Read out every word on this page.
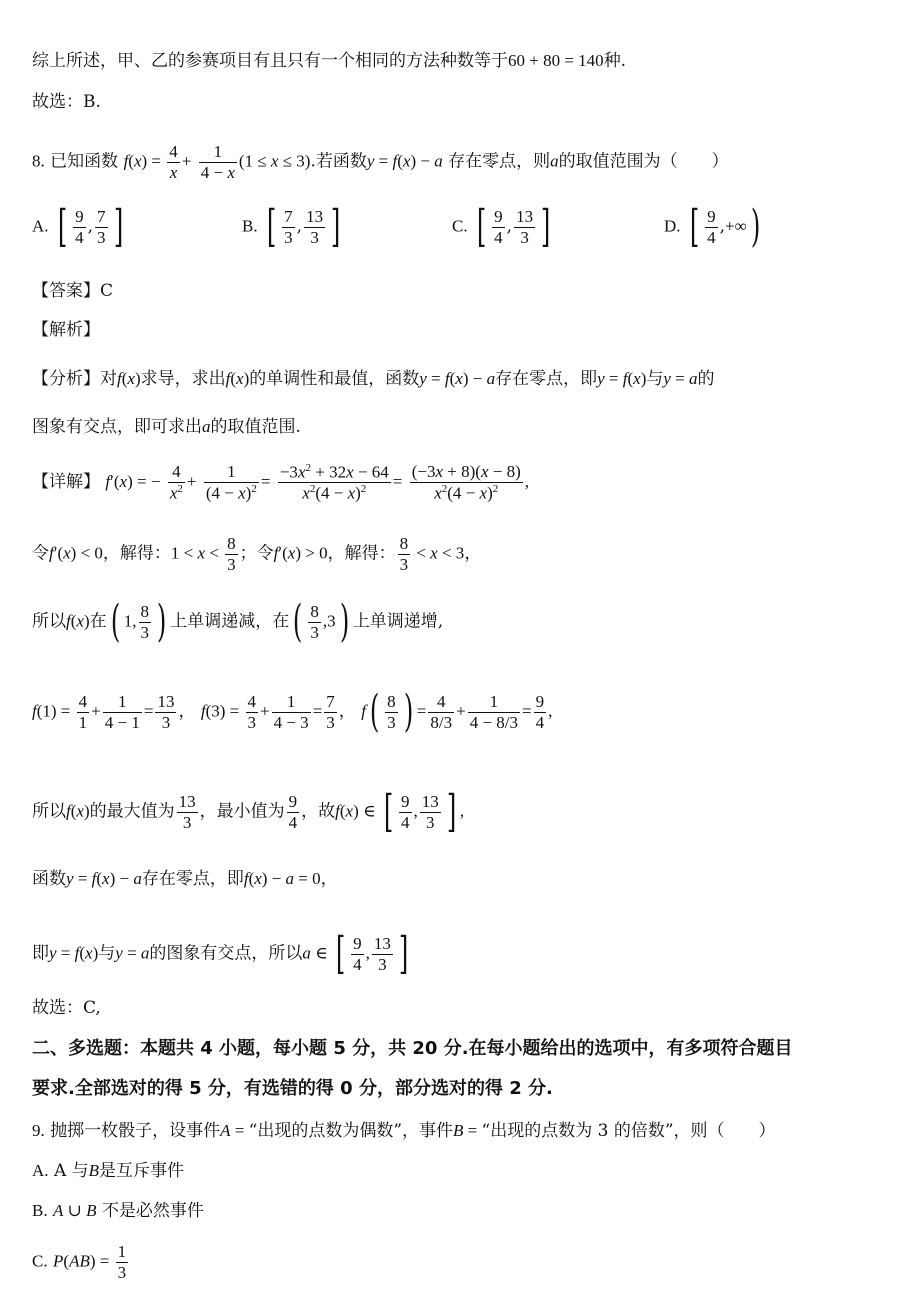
综上所述，甲、乙的参赛项目有且只有一个相同的方法种数等于60 + 80 = 140种.
故选：B.
8. 已知函数 $f(x) = \frac{4}{x} + \frac{1}{4 - x} (1 \le x \le 3)$.若函数y = f(x) − a 存在零点，则a的取值范围为（　　）
A. [ $\frac{9}{4}$ , $\frac{7}{3}$ ]	B. [ $\frac{7}{3}$ , $\frac{13}{3}$ ]	C. [ $\frac{9}{4}$ , $\frac{13}{3}$ ]	D. [ $\frac{9}{4}$ ,+∞)
【答案】C
【解析】
【分析】对f(x)求导，求出f(x)的单调性和最值，函数y = f(x) − a存在零点，即y = f(x)与y = a的
图象有交点，即可求出a的取值范围.
【详解】 f′(x) = − $\frac{4}{x^2} + \frac{1}{(4 - x)^2} = \frac{-3x^2 + 32x - 64}{x^2(4 - x)^2} = \frac{(-3x + 8)(x - 8)}{x^2(4 - x)^2}$ ,
令f′(x) < 0，解得：$1 < x < \frac{8}{3}$ ；令f′(x) > 0，解得： $\frac{8}{3} < x < 3$，
所以f(x)在( 1, $\frac{8}{3}$ ) 上单调递减，在( $\frac{8}{3} ,3$) 上单调递增,
$f(1) = \frac{4}{1} + \frac{1}{4 - 1} = \frac{13}{3}$ ， $f(3) = \frac{4}{3} + \frac{1}{4 - 3} = \frac{7}{3}$ ， $f( \frac{8}{3}$ ) = $\frac{4}{8/3} + \frac{1}{4 - 8/3} = \frac{9}{4}$ ,
所以f(x)的最大值为 $\frac{13}{3}$ ，最小值为 $\frac{9}{4}$ ，故f(x) ∈ [ $\frac{9}{4}$ , $\frac{13}{3}$ ] ,
函数y = f(x) − a存在零点，即f(x) − a = 0，
即y = f(x)与y = a的图象有交点，所以a ∈ [ $\frac{9}{4}$ , $\frac{13}{3}$ ]
故选：C,
二、多选题：本题共 4 小题，每小题 5 分，共 20 分.在每小题给出的选项中，有多项符合题目
要求.全部选对的得 5 分，有选错的得 0 分，部分选对的得 2 分.
9. 抛掷一枚骰子，设事件A = “出现的点数为偶数”，事件B = “出现的点数为 3 的倍数”，则（　　）
A. A 与B是互斥事件
B. A ∪ B 不是必然事件
C. $P(AB) = \frac{1}{3}$
